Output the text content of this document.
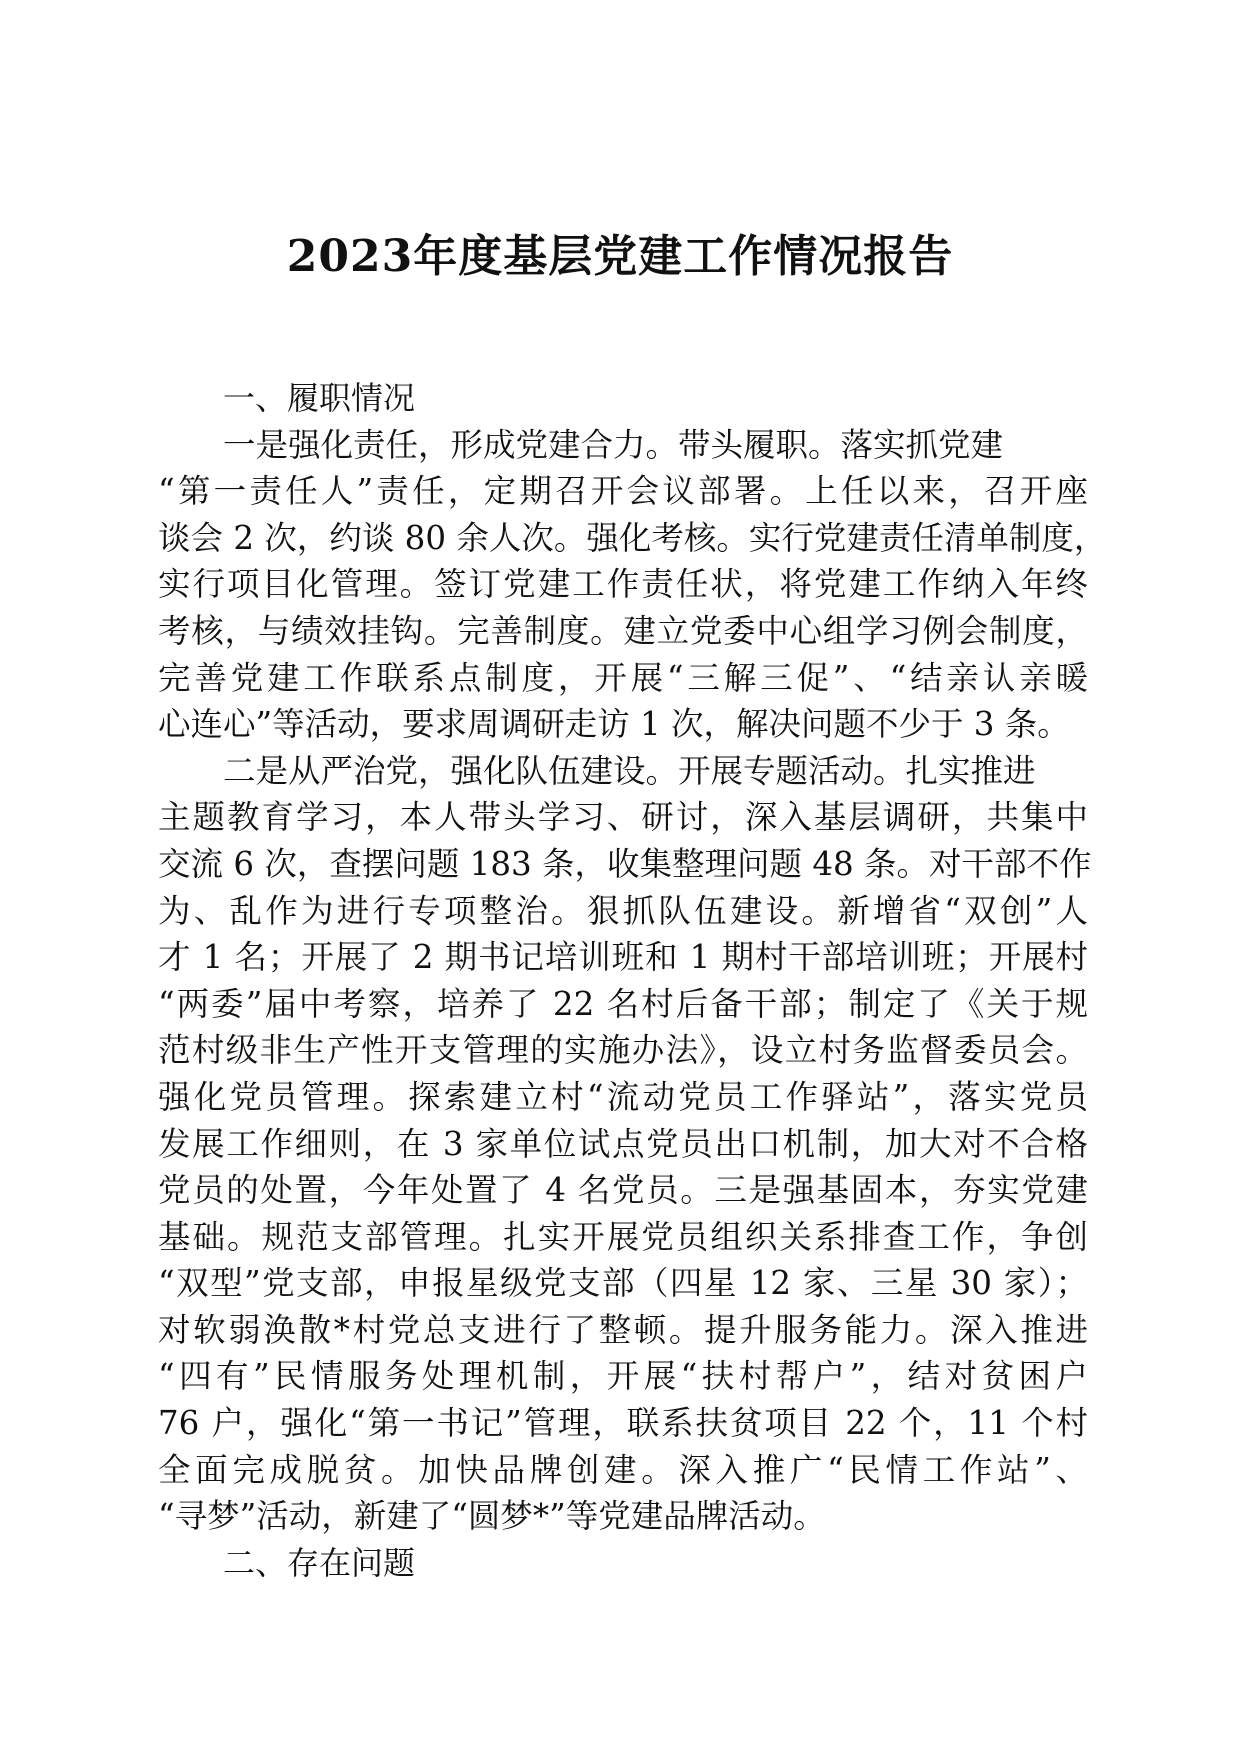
2023年度基层党建工作情况报告
一、履职情况
一是强化责任，形成党建合力。带头履职。落实抓党建
“第一责任人”责任，定期召开会议部署。上任以来，召开座
谈会 2 次，约谈 80 余人次。强化考核。实行党建责任清单制度，
实行项目化管理。签订党建工作责任状，将党建工作纳入年终
考核，与绩效挂钩。完善制度。建立党委中心组学习例会制度，
完善党建工作联系点制度，开展“三解三促”、“结亲认亲暖
心连心”等活动，要求周调研走访 1 次，解决问题不少于 3 条。
二是从严治党，强化队伍建设。开展专题活动。扎实推进
主题教育学习，本人带头学习、研讨，深入基层调研，共集中
交流 6 次，查摆问题 183 条，收集整理问题 48 条。对干部不作
为、乱作为进行专项整治。狠抓队伍建设。新增省“双创”人
才 1 名；开展了 2 期书记培训班和 1 期村干部培训班；开展村
“两委”届中考察，培养了 22 名村后备干部；制定了《关于规
范村级非生产性开支管理的实施办法》，设立村务监督委员会。
强化党员管理。探索建立村“流动党员工作驿站”，落实党员
发展工作细则，在 3 家单位试点党员出口机制，加大对不合格
党员的处置，今年处置了 4 名党员。三是强基固本，夯实党建
基础。规范支部管理。扎实开展党员组织关系排查工作，争创
“双型”党支部，申报星级党支部（四星 12 家、三星 30 家）；
对软弱涣散*村党总支进行了整顿。提升服务能力。深入推进
“四有”民情服务处理机制，开展“扶村帮户”，结对贫困户
76 户，强化“第一书记”管理，联系扶贫项目 22 个，11 个村
全面完成脱贫。加快品牌创建。深入推广“民情工作站”、
“寻梦”活动，新建了“圆梦*”等党建品牌活动。
二、存在问题
